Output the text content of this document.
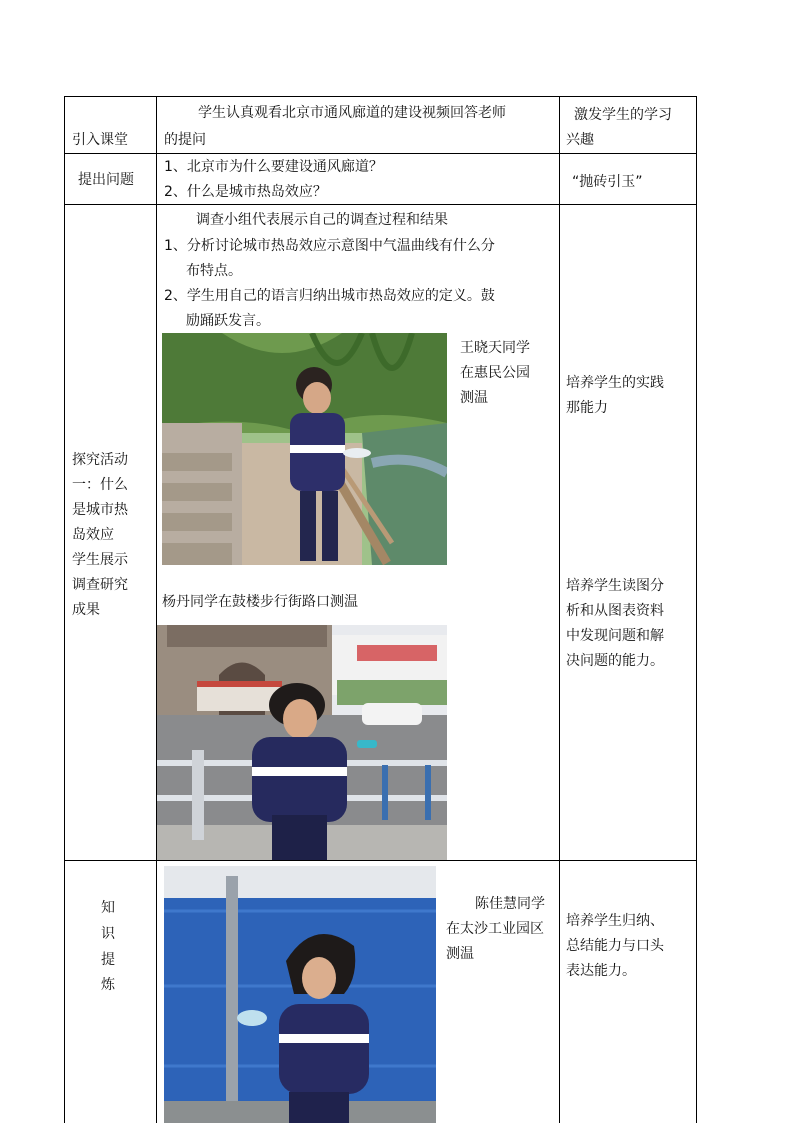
引入课堂
学生认真观看北京市通风廊道的建设视频回答老师
的提问
激发学生的学习
兴趣
提出问题
1、北京市为什么要建设通风廊道？
2、什么是城市热岛效应？
“抛砖引玉”
探究活动
一：什么
是城市热
岛效应
学生展示
调查研究
成果
调查小组代表展示自己的调查过程和结果
1、分析讨论城市热岛效应示意图中气温曲线有什么分
布特点。
2、学生用自己的语言归纳出城市热岛效应的定义。鼓
励踊跃发言。
王晓天同学
在惠民公园
测温
杨丹同学在鼓楼步行街路口测温
培养学生的实践
那能力
培养学生读图分
析和从图表资料
中发现问题和解
决问题的能力。
知
识
提
炼
陈佳慧同学
在太沙工业园区
测温
培养学生归纳、
总结能力与口头
表达能力。
